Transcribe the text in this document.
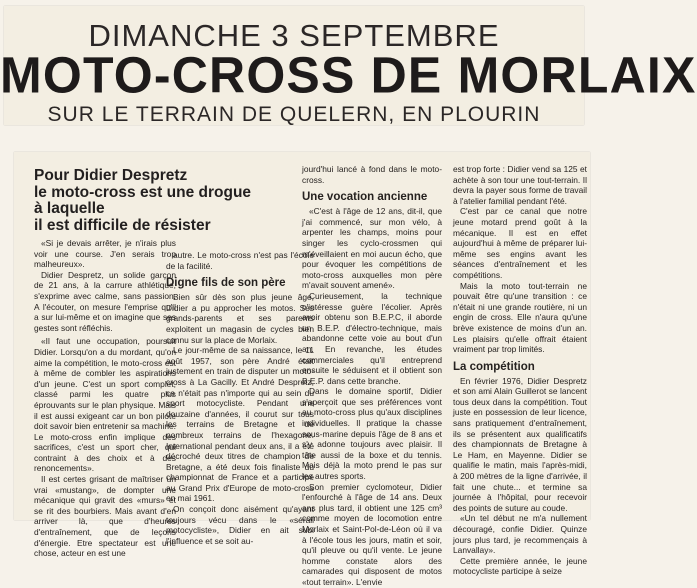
DIMANCHE 3 SEPTEMBRE
MOTO-CROSS DE MORLAIX
SUR LE TERRAIN DE QUELERN, EN PLOURIN
Pour Didier Despretz
le moto-cross est une drogue
à laquelle
il est difficile de résister

«Si je devais arrêter, je n'irais plus voir une course. J'en serais trop malheureux».

Didier Despretz, un solide garçon de 21 ans, à la carrure athlétique, s'exprime avec calme, sans passion. A l'écouter, on mesure l'emprise qu'il a sur lui-même et on imagine que ses gestes sont réfléchis.

«Il faut une occupation, poursuit Didier. Lorsqu'on a du mordant, qu'on aime la compétition, le moto-cross est à même de combler les aspirations d'un jeune. C'est un sport complet, classé parmi les quatre plus éprouvants sur le plan physique. Mais il est aussi exigeant car un bon pilote doit savoir bien entretenir sa machine. Le moto-cross enfin implique des sacrifices, c'est un sport cher, qui contraint à des choix et à des renoncements».

Il est certes grisant de maîtriser un vrai «mustang», de dompter une mécanique qui gravit des «murs» et se rit des bourbiers. Mais avant d'en arriver là, que d'heures d'entraînement, que de leçons d'énergie. Etre spectateur est une chose, acteur en est une

autre. Le moto-cross n'est pas l'école de la facilité.

Digne fils de son père

Bien sûr dès son plus jeune âge, Didier a pu approcher les motos. Ses grands-parents et ses parents exploitent un magasin de cycles bien connu sur la place de Morlaix.

Le jour-même de sa naissance, le 11 août 1957, son père André était justement en train de disputer un moto-cross à La Gacilly. Et André Despretz, ce n'était pas n'importe qui au sein du sport motocycliste. Pendant une douzaine d'années, il courut sur tous les terrains de Bretagne et de nombreux terrains de l'hexagone. International pendant deux ans, il a été décroché deux titres de champion de Bretagne, a été deux fois finaliste du championnat de France et a participé au Grand Prix d'Europe de moto-cross en mai 1961.

On conçoit donc aisément qu'ayant toujours vécu dans le «sérail motocycliste», Didier en ait subi l'influence et se soit au-

jourd'hui lancé à fond dans le moto-cross.

Une vocation ancienne

«C'est à l'âge de 12 ans, dit-il, que j'ai commencé, sur mon vélo, à arpenter les champs, moins pour singer les cyclo-crossmen qui m'éveillaient en moi aucun écho, que pour évoquer les compétitions de moto-cross auxquelles mon père m'avait souvent amené».

Curieusement, la technique n'intéresse guère l'écolier. Après avoir obtenu son B.E.P.C, il aborde un B.E.P. d'électro-technique, mais abandonne cette voie au bout d'un an. En revanche, les études commerciales qu'il entreprend ensuite le séduisent et il obtient son B.E.P. dans cette branche.

Dans le domaine sportif, Didier s'aperçoit que ses préférences vont au moto-cross plus qu'aux disciplines individuelles. Il pratique la chasse sous-marine depuis l'âge de 8 ans et s'y adonne toujours avec plaisir. Il tâte aussi de la boxe et du tennis. Mais déjà la moto prend le pas sur les autres sports.

Son premier cyclomoteur, Didier l'enfourché à l'âge de 14 ans. Deux ans plus tard, il obtient une 125 cm³ comme moyen de locomotion entre Morlaix et Saint-Pol-de-Léon où il va à l'école tous les jours, matin et soir, qu'il pleuve ou qu'il vente. Le jeune homme constate alors des camarades qui disposent de motos «tout terrain». L'envie

est trop forte : Didier vend sa 125 et achète à son tour une tout-terrain. Il devra la payer sous forme de travail à l'atelier familial pendant l'été.

C'est par ce canal que notre jeune motard prend goût à la mécanique. Il est en effet aujourd'hui à même de préparer lui-même ses engins avant les séances d'entraînement et les compétitions.

Mais la moto tout-terrain ne pouvait être qu'une transition : ce n'était ni une grande routière, ni un engin de cross. Elle n'aura qu'une brève existence de moins d'un an. Les plaisirs qu'elle offrait étaient vraiment par trop limités.

La compétition

En février 1976, Didier Despretz et son ami Alain Guillerot se lancent tous deux dans la compétition. Tout juste en possession de leur licence, sans pratiquement d'entraînement, ils se présentent aux qualificatifs des championnats de Bretagne à Le Ham, en Mayenne. Didier se qualifie le matin, mais l'après-midi, à 200 mètres de la ligne d'arrivée, il fait une chute... et termine sa journée à l'hôpital, pour recevoir des points de suture au coude.

«Un tel début ne m'a nullement découragé, confie Didier. Quinze jours plus tard, je recommençais à Lanvallay».

Cette première année, le jeune motocycliste participe à seize
